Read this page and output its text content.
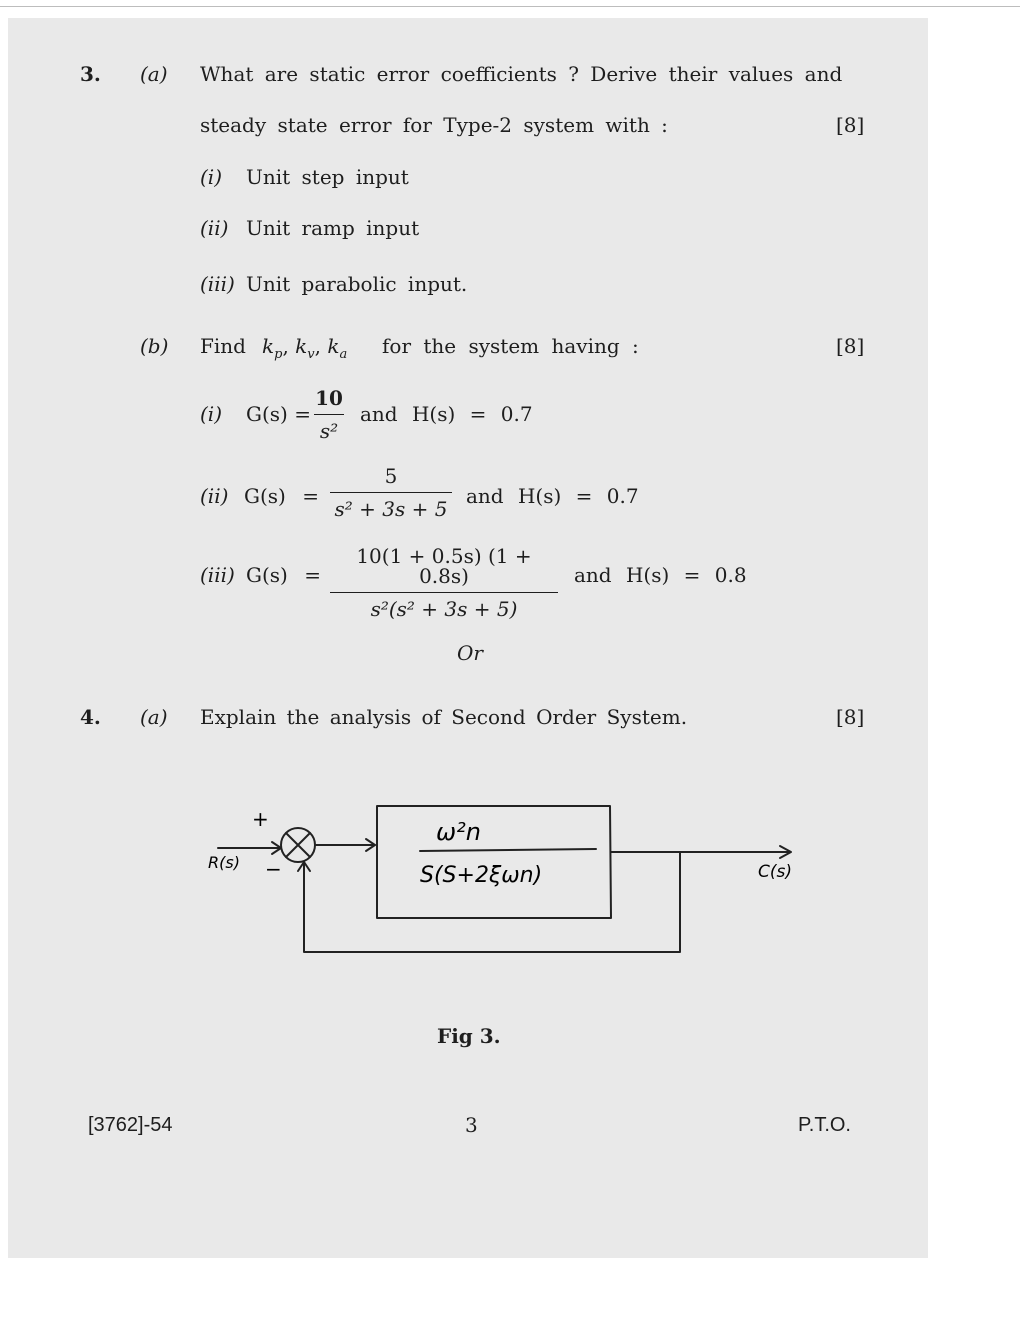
3. (a) What are static error coefficients ? Derive their values and
steady state error for Type-2 system with :	[8]
(i) Unit step input
(ii) Unit ramp input
(iii) Unit parabolic input.
(b) Find $k_p$, $k_v$, $k_a$ for the system having :	[8]
(i) G(s) =
10
s²
and H(s) = 0.7
(ii) G(s) =
5
s² + 3s + 5
and H(s) = 0.7
(iii) G(s) =
10(1 + 0.5s) (1 + 0.8s)
s²(s² + 3s + 5)
and H(s) = 0.8
Or
4. (a) Explain the analysis of Second Order System.	[8]
+
−
R(s)
ω²n
S(S+2ξωn)	C(s)
Fig 3.
[3762]-54	3	P.T.O.
